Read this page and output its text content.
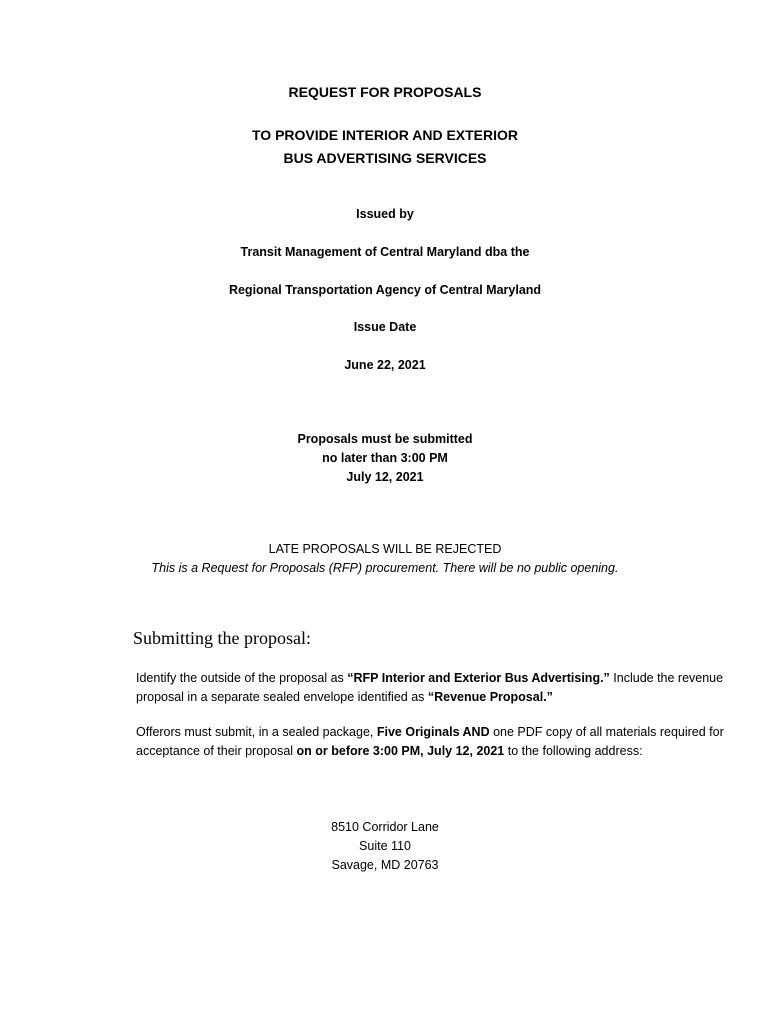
REQUEST FOR PROPOSALS
TO PROVIDE INTERIOR AND EXTERIOR
BUS ADVERTISING SERVICES
Issued by
Transit Management of Central Maryland dba the
Regional Transportation Agency of Central Maryland
Issue Date
June 22, 2021
Proposals must be submitted
no later than 3:00 PM
July 12, 2021
LATE PROPOSALS WILL BE REJECTED
This is a Request for Proposals (RFP) procurement. There will be no public opening.
Submitting the proposal:
Identify the outside of the proposal as “RFP Interior and Exterior Bus Advertising.” Include the revenue proposal in a separate sealed envelope identified as “Revenue Proposal.”
Offerors must submit, in a sealed package, Five Originals AND one PDF copy of all materials required for acceptance of their proposal on or before 3:00 PM, July 12, 2021 to the following address:
8510 Corridor Lane
Suite 110
Savage, MD 20763
